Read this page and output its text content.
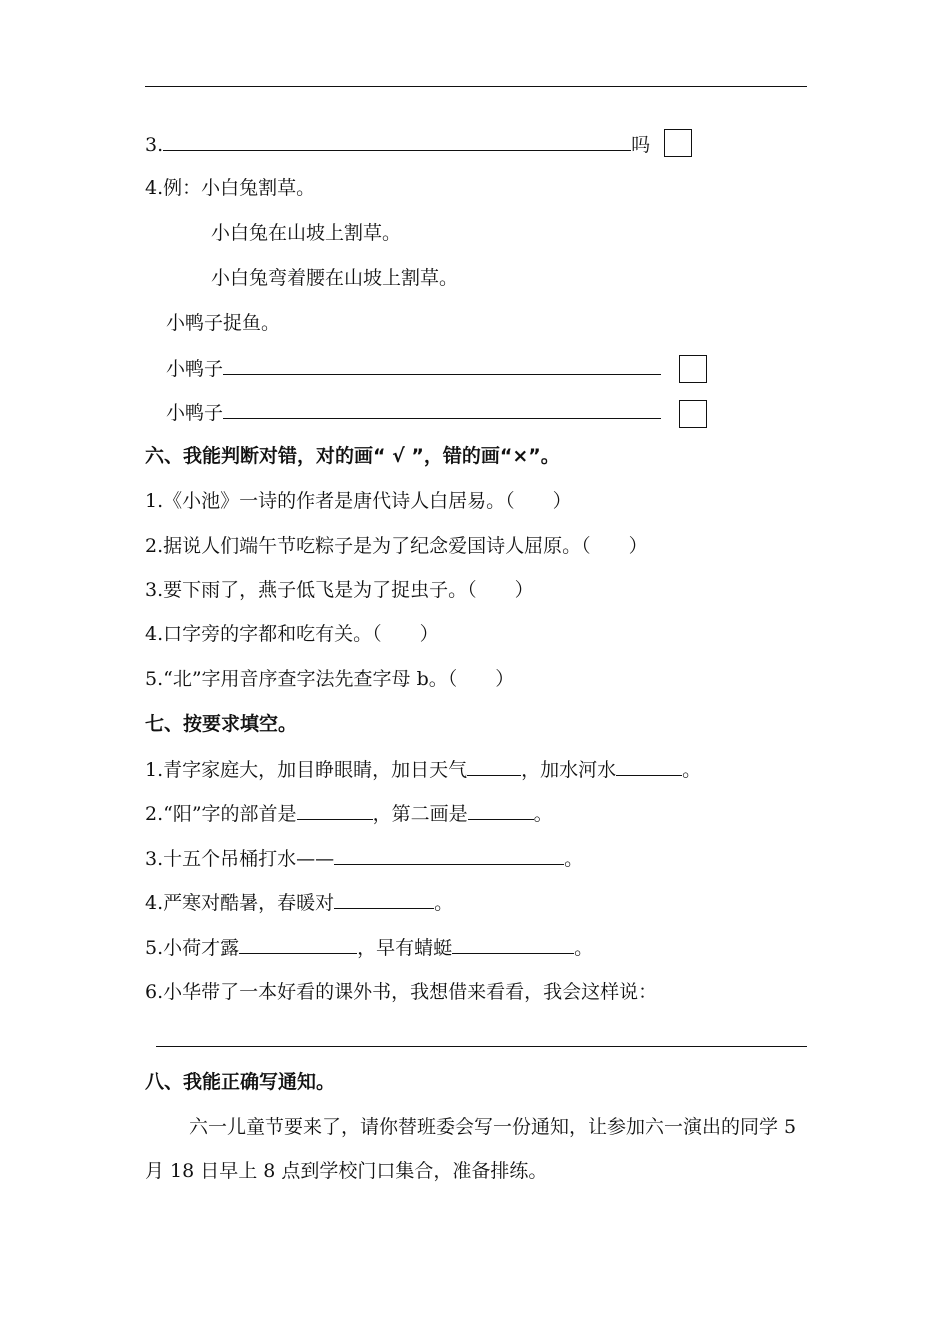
3.	吗
4.例：小白兔割草。
小白兔在山坡上割草。
小白兔弯着腰在山坡上割草。
小鸭子捉鱼。
小鸭子
小鸭子
六、我能判断对错，对的画“ √ ”，错的画“×”。
1.《小池》一诗的作者是唐代诗人白居易。（　　）
2.据说人们端午节吃粽子是为了纪念爱国诗人屈原。（　　）
3.要下雨了，燕子低飞是为了捉虫子。（　　）
4.口字旁的字都和吃有关。（　　）
5.“北”字用音序查字法先查字母 b。（　　）
七、按要求填空。
1.青字家庭大，加目睁眼睛，加日天气	，加水河水	。
2.“阳”字的部首是	，第二画是	。
3.十五个吊桶打水——	。
4.严寒对酷暑，春暖对	。
5.小荷才露	，早有蜻蜓	。
6.小华带了一本好看的课外书，我想借来看看，我会这样说：
八、我能正确写通知。
六一儿童节要来了，请你替班委会写一份通知，让参加六一演出的同学 5 月 18 日早上 8 点到学校门口集合，准备排练。
